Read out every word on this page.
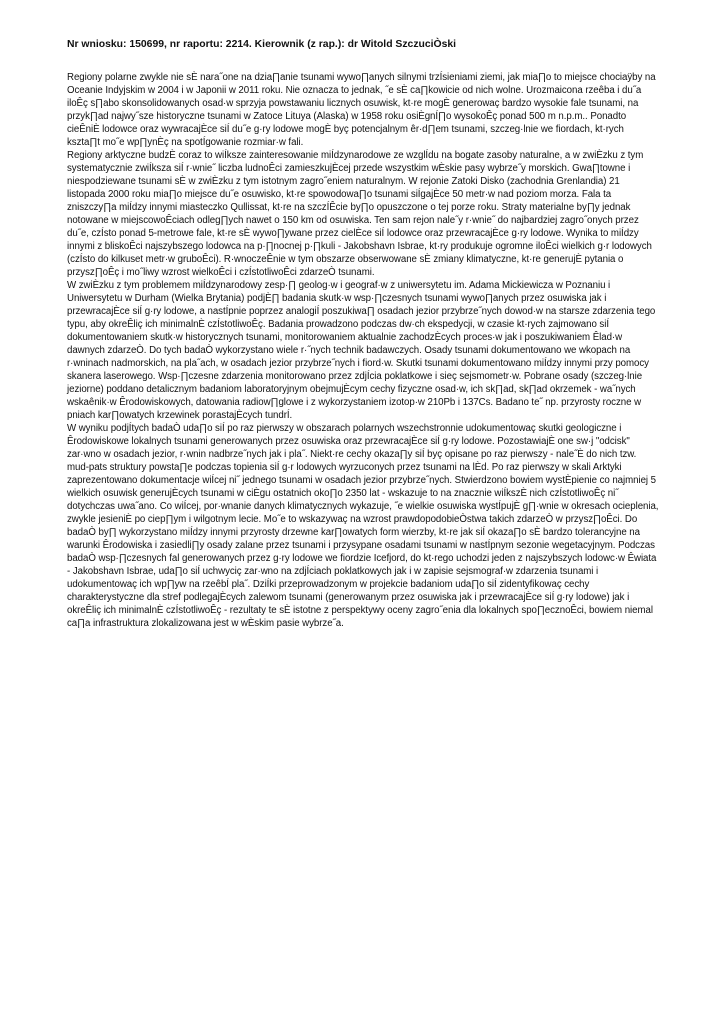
Nr wniosku: 150699, nr raportu: 2214. Kierownik (z rap.): dr Witold SzczuciÒski

Regiony polarne zwykle nie sÈ nara˝one na dzia∏anie tsunami wywo∏anych silnymi trzÍsieniami ziemi, jak mia∏o to miejsce chociaÿby na Oceanie Indyjskim w 2004 i w Japonii w 2011 roku. Nie oznacza to jednak, ˝e sÈ ca∏kowicie od nich wolne. Urozmaicona rzeêba i du˝a iloÊç s∏abo skonsolidowanych osad·w sprzyja powstawaniu licznych osuwisk, kt·re mogÈ generowaç bardzo wysokie fale tsunami, na przyk∏ad najwy˝sze historyczne tsunami w Zatoce Lituya (Alaska) w 1958 roku osiÈgnÍ∏o wysokoÊç ponad 500 m n.p.m.. Ponadto cieÊniÈ lodowce oraz wywracajÈce siÍ du˝e g·ry lodowe mogÈ byç potencjalnym êr·d∏em tsunami, szczeg·lnie we fiordach, kt·rych kszta∏t mo˝e wp∏ynÈç na spotÍgowanie rozmiar·w fali.

Regiony arktyczne budzÈ coraz to wiÍksze zainteresowanie miÍdzynarodowe ze wzglÍdu na bogate zasoby naturalne, a w zwiÈzku z tym systematycznie zwiÍksza siÍ r·wnie˝ liczba ludnoÊci zamieszkujÈcej przede wszystkim wÈskie pasy wybrze˝y morskich. Gwa∏towne i niespodziewane tsunami sÈ w zwiÈzku z tym istotnym zagro˝eniem naturalnym. W rejonie Zatoki Disko (zachodnia Grenlandia) 21 listopada 2000 roku mia∏o miejsce du˝e osuwisko, kt·re spowodowa∏o tsunami siÍgajÈce 50 metr·w nad poziom morza. Fala ta zniszczy∏a miÍdzy innymi miasteczko Qullissat, kt·re na szczÍÊcie by∏o opuszczone o tej porze roku. Straty materialne by∏y jednak notowane w miejscowoÊciach odleg∏ych nawet o 150 km od osuwiska. Ten sam rejon nale˝y r·wnie˝ do najbardziej zagro˝onych przez du˝e, czÍsto ponad 5-metrowe fale, kt·re sÈ wywo∏ywane przez cielÈce siÍ lodowce oraz przewracajÈce g·ry lodowe. Wynika to miÍdzy innymi z bliskoÊci najszybszego lodowca na p·∏nocnej p·∏kuli - Jakobshavn Isbrae, kt·ry produkuje ogromne iloÊci wielkich g·r lodowych (czÍsto do kilkuset metr·w gruboÊci). R·wnoczeÊnie w tym obszarze obserwowane sÈ zmiany klimatyczne, kt·re generujÈ pytania o przysz∏oÊç i mo˝liwy wzrost wielkoÊci i czÍstotliwoÊci zdarzeÒ tsunami.

W zwiÈzku z tym problemem miÍdzynarodowy zesp·∏ geolog·w i geograf·w z uniwersytetu im. Adama Mickiewicza w Poznaniu i Uniwersytetu w Durham (Wielka Brytania) podjÈ∏ badania skutk·w wsp·∏czesnych tsunami wywo∏anych przez osuwiska jak i przewracajÈce siÍ g·ry lodowe, a nastÍpnie poprzez analogiÍ poszukiwa∏ osadach jezior przybrze˝nych dowod·w na starsze zdarzenia tego typu, aby okreÊliç ich minimalnÈ czÍstotliwoÊç. Badania prowadzono podczas dw·ch ekspedycji, w czasie kt·rych zajmowano siÍ dokumentowaniem skutk·w historycznych tsunami, monitorowaniem aktualnie zachodzÈcych proces·w jak i poszukiwaniem Êlad·w dawnych zdarzeÒ. Do tych badaÒ wykorzystano wiele r·˝nych technik badawczych. Osady tsunami dokumentowano we wkopach na r·wninach nadmorskich, na pla˝ach, w osadach jezior przybrze˝nych i fiord·w. Skutki tsunami dokumentowano miÍdzy innymi przy pomocy skanera laserowego. Wsp·∏czesne zdarzenia monitorowano przez zdjÍcia poklatkowe i sieç sejsmometr·w. Pobrane osady (szczeg·lnie jeziorne) poddano detalicznym badaniom laboratoryjnym obejmujÈcym cechy fizyczne osad·w, ich sk∏ad, sk∏ad okrzemek - wa˝nych wskaênik·w Êrodowiskowych, datowania radiow∏glowe i z wykorzystaniem izotop·w 210Pb i 137Cs. Badano te˝ np. przyrosty roczne w pniach kar∏owatych krzewinek porastajÈcych tundrÍ.

W wyniku podjÍtych badaÒ uda∏o siÍ po raz pierwszy w obszarach polarnych wszechstronnie udokumentowaç skutki geologiczne i Êrodowiskowe lokalnych tsunami generowanych przez osuwiska oraz przewracajÈce siÍ g·ry lodowe. PozostawiajÈ one sw·j "odcisk" zar·wno w osadach jezior, r·wnin nadbrze˝nych jak i pla˝. Niekt·re cechy okaza∏y siÍ byç opisane po raz pierwszy - nale˝È do nich tzw. mud-pats struktury powsta∏e podczas topienia siÍ g·r lodowych wyrzuconych przez tsunami na lÈd. Po raz pierwszy w skali Arktyki zaprezentowano dokumentacje wiÍcej ni˝ jednego tsunami w osadach jezior przybrze˝nych. Stwierdzono bowiem wystÈpienie co najmniej 5 wielkich osuwisk generujÈcych tsunami w ciÈgu ostatnich oko∏o 2350 lat - wskazuje to na znacznie wiÍkszÈ nich czÍstotliwoÊç ni˝ dotychczas uwa˝ano. Co wiÍcej, por·wnanie danych klimatycznych wykazuje, ˝e wielkie osuwiska wystÍpujÈ g∏·wnie w okresach ocieplenia, zwykle jesieniÈ po ciep∏ym i wilgotnym lecie. Mo˝e to wskazywaç na wzrost prawdopodobieÒstwa takich zdarzeÒ w przysz∏oÊci. Do badaÒ by∏ wykorzystano miÍdzy innymi przyrosty drzewne kar∏owatych form wierzby, kt·re jak siÍ okaza∏o sÈ bardzo tolerancyjne na warunki Êrodowiska i zasiedli∏y osady zalane przez tsunami i przysypane osadami tsunami w nastÍpnym sezonie wegetacyjnym. Podczas badaÒ wsp·∏czesnych fal generowanych przez g·ry lodowe we fiordzie Icefjord, do kt·rego uchodzi jeden z najszybszych lodowc·w Êwiata - Jakobshavn Isbrae, uda∏o siÍ uchwyciç zar·wno na zdjÍciach poklatkowych jak i w zapisie sejsmograf·w zdarzenia tsunami i udokumentowaç ich wp∏yw na rzeêbÍ pla˝. DziÍki przeprowadzonym w projekcie badaniom uda∏o siÍ zidentyfikowaç cechy charakterystyczne dla stref podlegajÈcych zalewom tsunami (generowanym przez osuwiska jak i przewracajÈce siÍ g·ry lodowe) jak i okreÊliç ich minimalnÈ czÍstotliwoÊç - rezultaty te sÈ istotne z perspektywy oceny zagro˝enia dla lokalnych spo∏ecznoÊci, bowiem niemal ca∏a infrastruktura zlokalizowana jest w wÈskim pasie wybrze˝a.
